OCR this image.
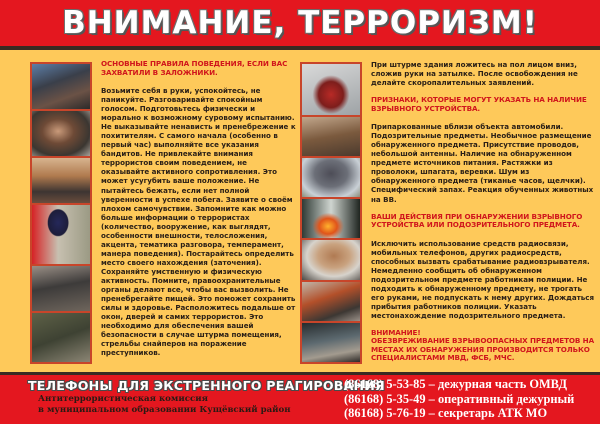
ВНИМАНИЕ, ТЕРРОРИЗМ!
ОСНОВНЫЕ ПРАВИЛА ПОВЕДЕНИЯ, ЕСЛИ ВАС ЗАХВАТИЛИ В ЗАЛОЖНИКИ.

Возьмите себя в руки, успокойтесь, не паникуйте. Разговаривайте спокойным голосом. Подготовьтесь физически и морально к возможному суровому испытанию. Не выказывайте ненависть и пренебрежение к похитителям. С самого начала (особенно в первый час) выполняйте все указания бандитов. Не привлекайте внимания террористов своим поведением, не оказывайте активного сопротивления. Это может усугубить ваше положение. Не пытайтесь бежать, если нет полной уверенности в успехе побега. Заявите о своём плохом самочувствии. Запомните как можно больше информации о террористах (количество, вооружение, как выглядят, особенности внешности, телосложения, акцента, тематика разговора, темперамент, манера поведения). Постарайтесь определить место своего нахождения (заточения). Сохраняйте умственную и физическую активность. Помните, правоохранительные органы делают все, чтобы вас вызволить. Не пренебрегайте пищей. Это поможет сохранить силы и здоровье. Расположитесь подальше от окон, дверей и самих террористов. Это необходимо для обеспечения вашей безопасности в случае штурма помещения, стрельбы снайперов на поражение преступников.

При штурме здания ложитесь на пол лицом вниз, сложив руки на затылке. После освобождения не делайте скоропалительных заявлений.

ПРИЗНАКИ, КОТОРЫЕ МОГУТ УКАЗАТЬ НА НАЛИЧИЕ ВЗРЫВНОГО УСТРОЙСТВА.

Припаркованные вблизи объекта автомобили. Подозрительные предметы. Необычное размещение обнаруженного предмета. Присутствие проводов, небольшой антенны. Наличие на обнаруженном предмете источников питания. Растяжки из проволоки, шпагата, веревки. Шум из обнаруженного предмета (тиканье часов, щелчки). Специфический запах. Реакция обученных животных на ВВ.

ВАШИ ДЕЙСТВИЯ ПРИ ОБНАРУЖЕНИИ ВЗРЫВНОГО УСТРОЙСТВА ИЛИ ПОДОЗРИТЕЛЬНОГО ПРЕДМЕТА.

Исключить использование средств радиосвязи, мобильных телефонов, других радиосредств, способных вызвать срабатывание радиовзрывателя. Немедленно сообщить об обнаруженном подозрительном предмете работникам полиции. Не подходить к обнаруженному предмету, не трогать его руками, не подпускать к нему других. Дождаться прибытия работников полиции. Указать местонахождение подозрительного предмета.

ВНИМАНИЕ!
ОБЕЗВРЕЖИВАНИЕ ВЗРЫВООПАСНЫХ ПРЕДМЕТОВ НА МЕСТАХ ИХ ОБНАРУЖЕНИЯ ПРОИЗВОДИТСЯ ТОЛЬКО СПЕЦИАЛИСТАМИ МВД, ФСБ, МЧС.
ТЕЛЕФОНЫ ДЛЯ ЭКСТРЕННОГО РЕАГИРОВАНИЯ
Антитеррористическая комиссия
в муниципальном образовании Кущёвский район
(86168) 5-53-85 – дежурная часть ОМВД
(86168) 5-35-49 – оперативный дежурный
(86168) 5-76-19 – секретарь АТК МО
